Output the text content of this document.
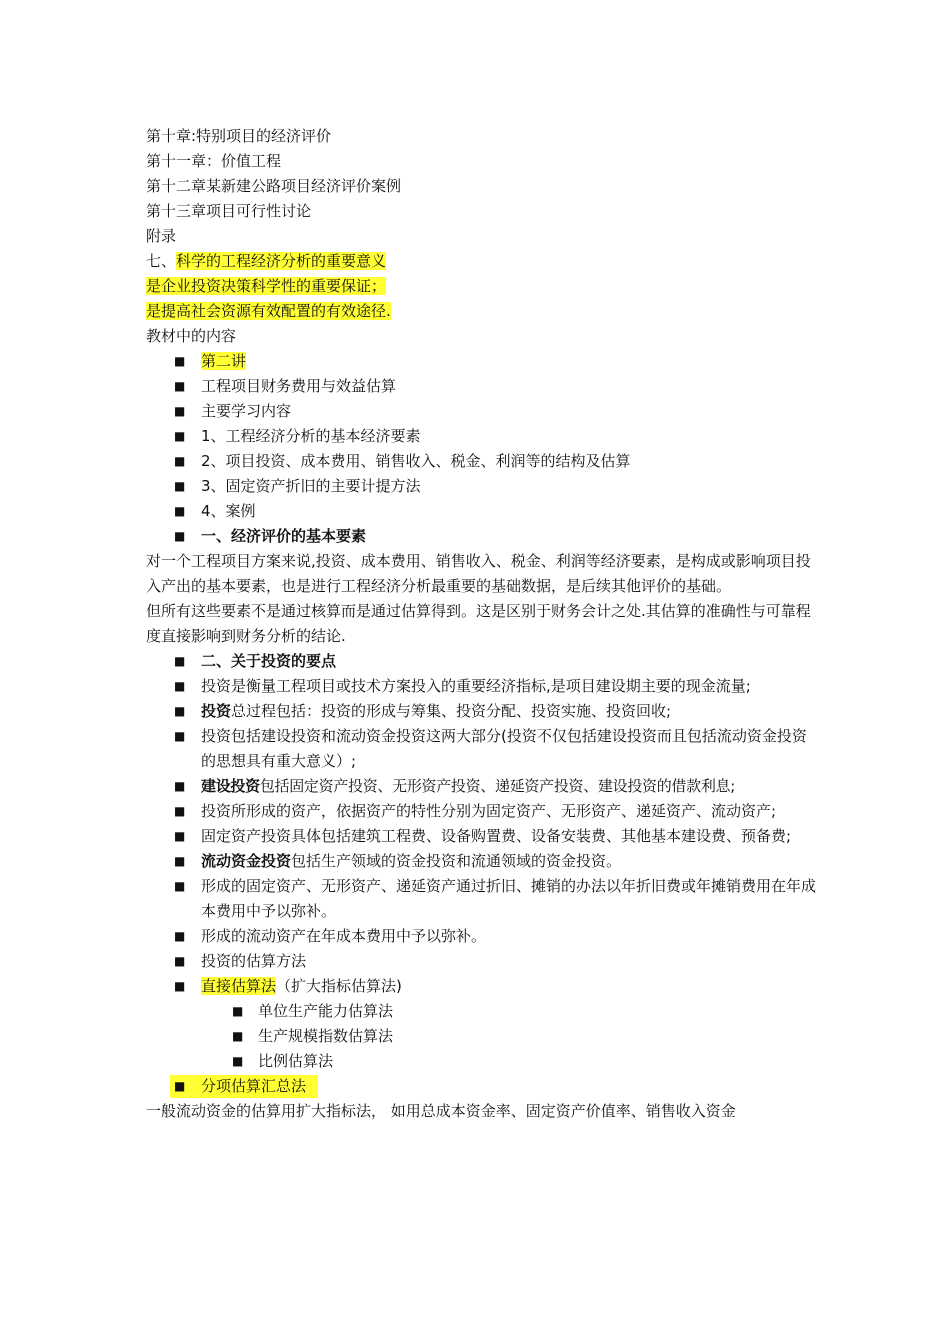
第十章:特别项目的经济评价
第十一章：价值工程
第十二章某新建公路项目经济评价案例
第十三章项目可行性讨论
附录
七、科学的工程经济分析的重要意义
是企业投资决策科学性的重要保证；
是提高社会资源有效配置的有效途径.
教材中的内容
■ 第二讲
■ 工程项目财务费用与效益估算
■ 主要学习内容
■ 1、工程经济分析的基本经济要素
■ 2、项目投资、成本费用、销售收入、税金、利润等的结构及估算
■ 3、固定资产折旧的主要计提方法
■ 4、案例
■ 一、经济评价的基本要素
对一个工程项目方案来说,投资、成本费用、销售收入、税金、利润等经济要素，是构成或影响项目投入产出的基本要素，也是进行工程经济分析最重要的基础数据，是后续其他评价的基础。
但所有这些要素不是通过核算而是通过估算得到。这是区别于财务会计之处.其估算的准确性与可靠程度直接影响到财务分析的结论.
■ 二、关于投资的要点
■ 投资是衡量工程项目或技术方案投入的重要经济指标,是项目建设期主要的现金流量;
■ 投资总过程包括：投资的形成与筹集、投资分配、投资实施、投资回收;
■ 投资包括建设投资和流动资金投资这两大部分(投资不仅包括建设投资而且包括流动资金投资的思想具有重大意义）;
■ 建设投资包括固定资产投资、无形资产投资、递延资产投资、建设投资的借款利息;
■ 投资所形成的资产，依据资产的特性分别为固定资产、无形资产、递延资产、流动资产;
■ 固定资产投资具体包括建筑工程费、设备购置费、设备安装费、其他基本建设费、预备费;
■ 流动资金投资包括生产领域的资金投资和流通领域的资金投资。
■ 形成的固定资产、无形资产、递延资产通过折旧、摊销的办法以年折旧费或年摊销费用在年成本费用中予以弥补。
■ 形成的流动资产在年成本费用中予以弥补。
■ 投资的估算方法
■ 直接估算法（扩大指标估算法)
■ 单位生产能力估算法
■ 生产规模指数估算法
■ 比例估算法
■ 分项估算汇总法
一般流动资金的估算用扩大指标法， 如用总成本资金率、固定资产价值率、销售收入资金
